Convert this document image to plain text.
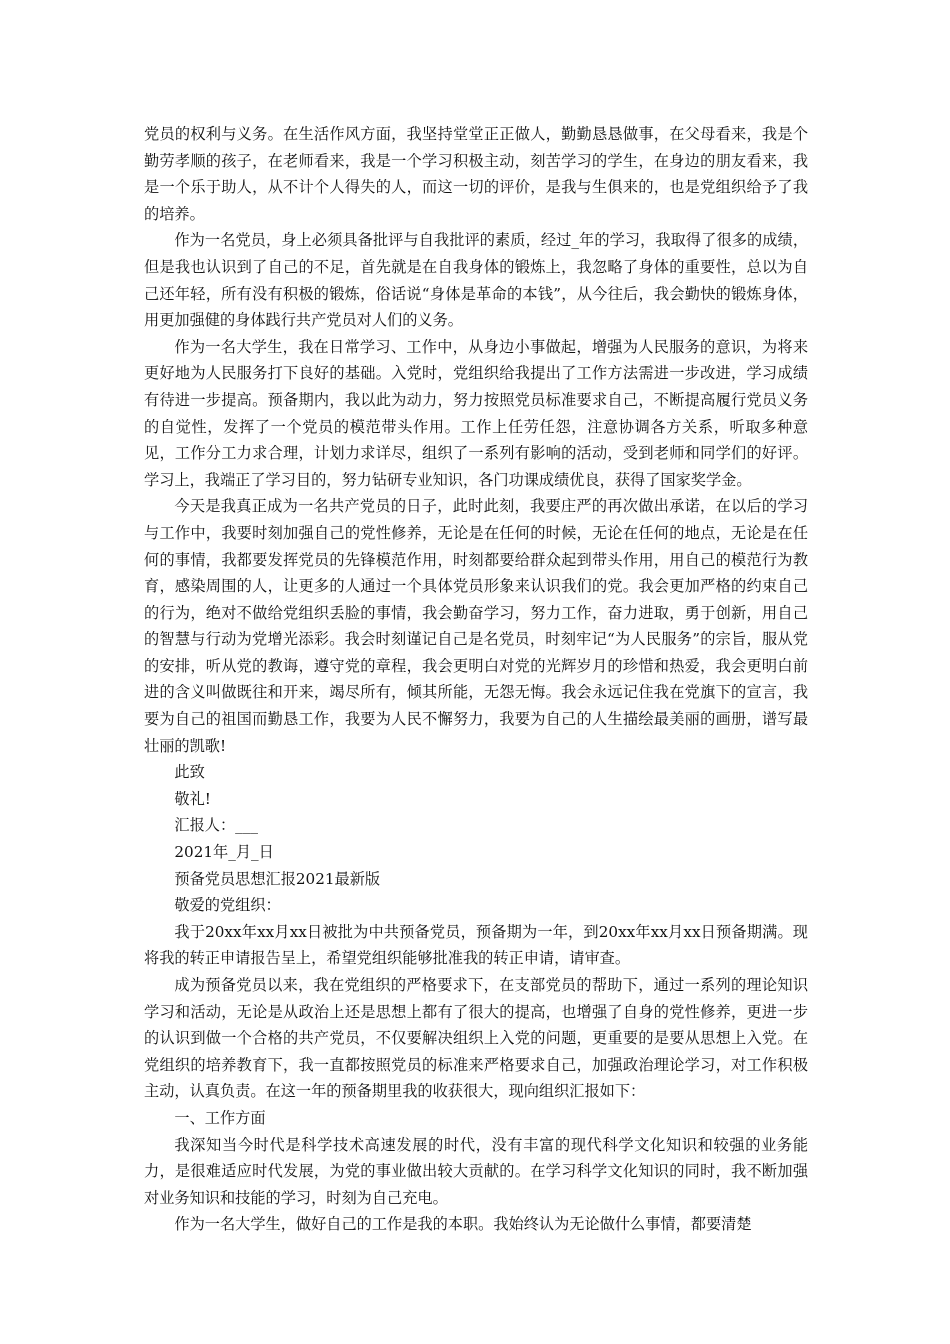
党员的权利与义务。在生活作风方面，我坚持堂堂正正做人，勤勤恳恳做事，在父母看来，我是个勤劳孝顺的孩子，在老师看来，我是一个学习积极主动，刻苦学习的学生，在身边的朋友看来，我是一个乐于助人，从不计个人得失的人，而这一切的评价，是我与生俱来的，也是党组织给予了我的培养。

作为一名党员，身上必须具备批评与自我批评的素质，经过_年的学习，我取得了很多的成绩，但是我也认识到了自己的不足，首先就是在自我身体的锻炼上，我忽略了身体的重要性，总以为自己还年轻，所有没有积极的锻炼，俗话说“身体是革命的本钱”，从今往后，我会勤快的锻炼身体，用更加强健的身体践行共产党员对人们的义务。

作为一名大学生，我在日常学习、工作中，从身边小事做起，增强为人民服务的意识，为将来更好地为人民服务打下良好的基础。入党时，党组织给我提出了工作方法需进一步改进，学习成绩有待进一步提高。预备期内，我以此为动力，努力按照党员标准要求自己，不断提高履行党员义务的自觉性，发挥了一个党员的模范带头作用。工作上任劳任怨，注意协调各方关系，听取多种意见，工作分工力求合理，计划力求详尽，组织了一系列有影响的活动，受到老师和同学们的好评。学习上，我端正了学习目的，努力钻研专业知识，各门功课成绩优良，获得了国家奖学金。

今天是我真正成为一名共产党员的日子，此时此刻，我要庄严的再次做出承诺，在以后的学习与工作中，我要时刻加强自己的党性修养，无论是在任何的时候，无论在任何的地点，无论是在任何的事情，我都要发挥党员的先锋模范作用，时刻都要给群众起到带头作用，用自己的模范行为教育，感染周围的人，让更多的人通过一个具体党员形象来认识我们的党。我会更加严格的约束自己的行为，绝对不做给党组织丢脸的事情，我会勤奋学习，努力工作，奋力进取，勇于创新，用自己的智慧与行动为党增光添彩。我会时刻谨记自己是名党员，时刻牢记“为人民服务”的宗旨，服从党的安排，听从党的教诲，遵守党的章程，我会更明白对党的光辉岁月的珍惜和热爱，我会更明白前进的含义叫做既往和开来，竭尽所有，倾其所能，无怨无悔。我会永远记住我在党旗下的宣言，我要为自己的祖国而勤恳工作，我要为人民不懈努力，我要为自己的人生描绘最美丽的画册，谱写最壮丽的凯歌!

此致

敬礼!

汇报人：___

2021年_月_日

预备党员思想汇报2021最新版

敬爱的党组织：

我于20xx年xx月xx日被批为中共预备党员，预备期为一年，到20xx年xx月xx日预备期满。现将我的转正申请报告呈上，希望党组织能够批准我的转正申请，请审查。

成为预备党员以来，我在党组织的严格要求下，在支部党员的帮助下，通过一系列的理论知识学习和活动，无论是从政治上还是思想上都有了很大的提高，也增强了自身的党性修养，更进一步的认识到做一个合格的共产党员，不仅要解决组织上入党的问题，更重要的是要从思想上入党。在党组织的培养教育下，我一直都按照党员的标准来严格要求自己，加强政治理论学习，对工作积极主动，认真负责。在这一年的预备期里我的收获很大，现向组织汇报如下：

一、工作方面

我深知当今时代是科学技术高速发展的时代，没有丰富的现代科学文化知识和较强的业务能力，是很难适应时代发展，为党的事业做出较大贡献的。在学习科学文化知识的同时，我不断加强对业务知识和技能的学习，时刻为自己充电。

作为一名大学生，做好自己的工作是我的本职。我始终认为无论做什么事情，都要清楚
